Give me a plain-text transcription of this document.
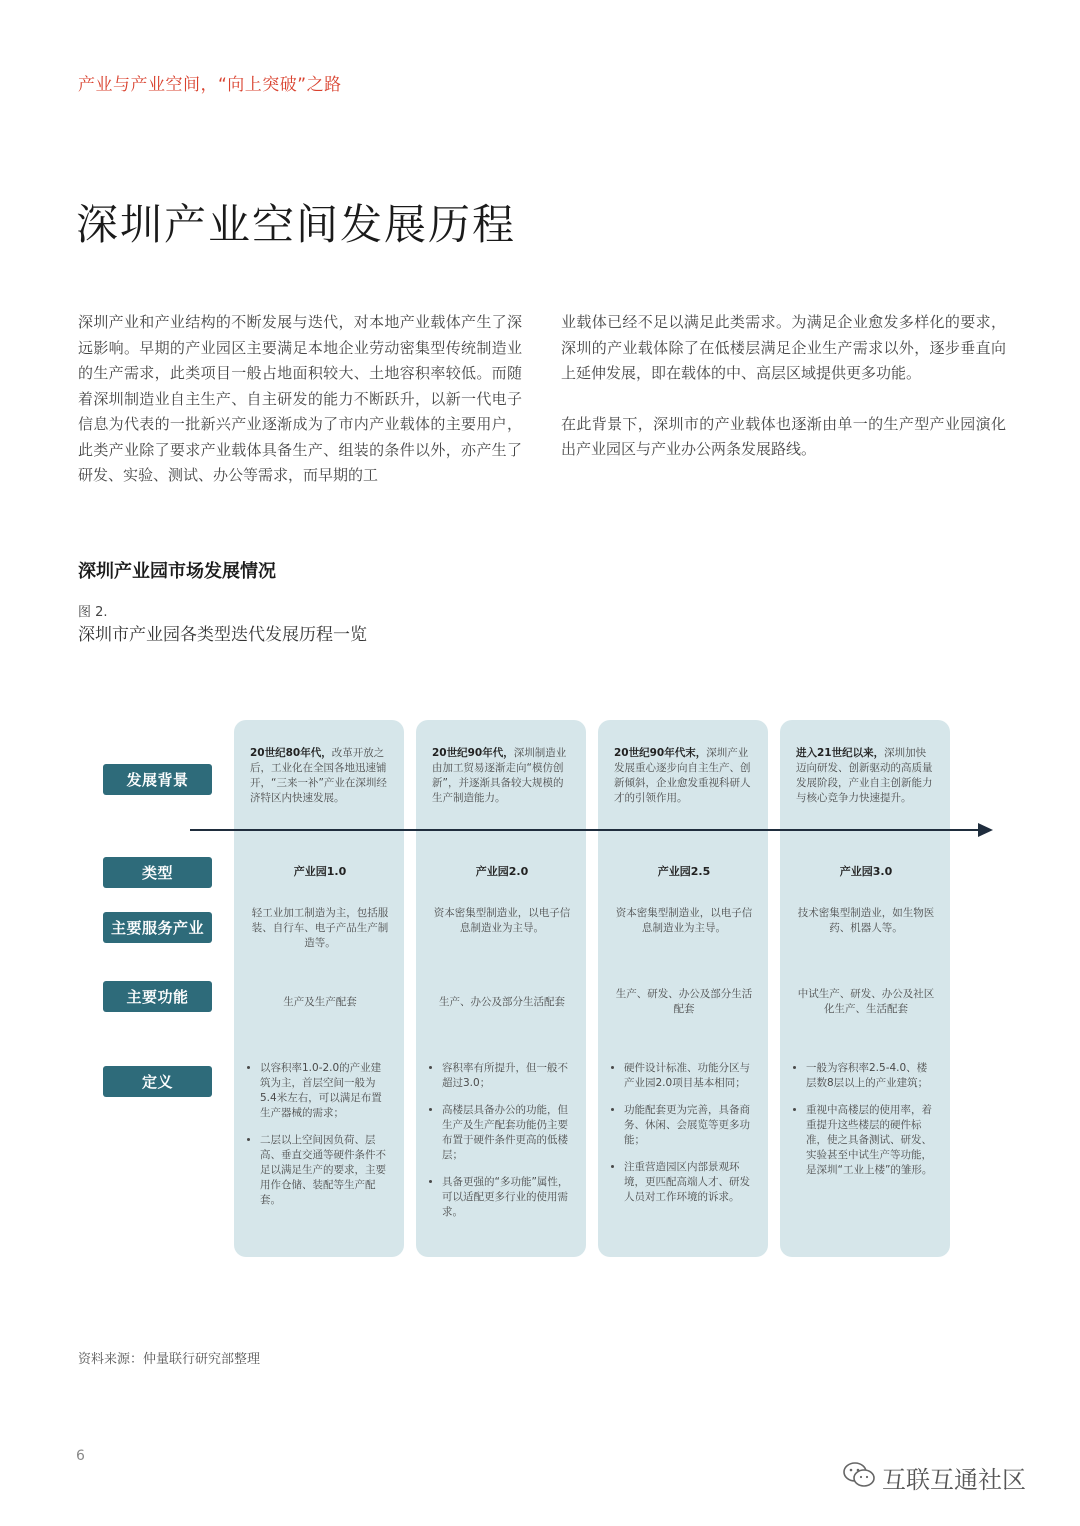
产业与产业空间，“向上突破”之路
深圳产业空间发展历程

深圳产业和产业结构的不断发展与迭代，对本地产业载体产生了深远影响。早期的产业园区主要满足本地企业劳动密集型传统制造业的生产需求，此类项目一般占地面积较大、土地容积率较低。而随着深圳制造业自主生产、自主研发的能力不断跃升，以新一代电子信息为代表的一批新兴产业逐渐成为了市内产业载体的主要用户，此类产业除了要求产业载体具备生产、组装的条件以外，亦产生了研发、实验、测试、办公等需求，而早期的工

业载体已经不足以满足此类需求。为满足企业愈发多样化的要求，深圳的产业载体除了在低楼层满足企业生产需求以外，逐步垂直向上延伸发展，即在载体的中、高层区域提供更多功能。

在此背景下，深圳市的产业载体也逐渐由单一的生产型产业园演化出产业园区与产业办公两条发展路线。

深圳产业园市场发展情况
图 2.
深圳市产业园各类型迭代发展历程一览
发展背景
类型
主要服务产业
主要功能
定义
20世纪80年代，改革开放之后，工业化在全国各地迅速铺开，“三来一补”产业在深圳经济特区内快速发展。
产业园1.0
轻工业加工制造为主，包括服装、自行车、电子产品生产制造等。
生产及生产配套
• 以容积率1.0-2.0的产业建筑为主，首层空间一般为5.4米左右，可以满足布置生产器械的需求；
• 二层以上空间因负荷、层高、垂直交通等硬件条件不足以满足生产的要求，主要用作仓储、装配等生产配套。
20世纪90年代，深圳制造业由加工贸易逐渐走向“模仿创新”，并逐渐具备较大规模的生产制造能力。
产业园2.0
资本密集型制造业，以电子信息制造业为主导。
生产、办公及部分生活配套
• 容积率有所提升，但一般不超过3.0；
• 高楼层具备办公的功能，但生产及生产配套功能仍主要布置于硬件条件更高的低楼层；
• 具备更强的“多功能”属性，可以适配更多行业的使用需求。
20世纪90年代末，深圳产业发展重心逐步向自主生产、创新倾斜，企业愈发重视科研人才的引领作用。
产业园2.5
资本密集型制造业，以电子信息制造业为主导。
生产、研发、办公及部分生活配套
• 硬件设计标准、功能分区与产业园2.0项目基本相同；
• 功能配套更为完善，具备商务、休闲、会展览等更多功能；
• 注重营造园区内部景观环境，更匹配高端人才、研发人员对工作环境的诉求。
进入21世纪以来，深圳加快迈向研发、创新驱动的高质量发展阶段，产业自主创新能力与核心竞争力快速提升。
产业园3.0
技术密集型制造业，如生物医药、机器人等。
中试生产、研发、办公及社区化生产、生活配套
• 一般为容积率2.5-4.0、楼层数8层以上的产业建筑；
• 重视中高楼层的使用率，着重提升这些楼层的硬件标准，使之具备测试、研发、实验甚至中试生产等功能，是深圳“工业上楼”的雏形。
资料来源：仲量联行研究部整理
6
互联互通社区
